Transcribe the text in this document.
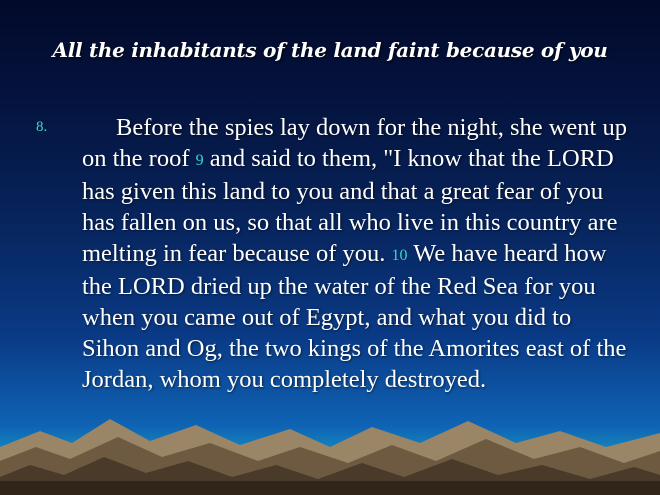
All the inhabitants of the land faint because of you
8.	Before the spies lay down for the night, she went up on the roof 9 and said to them, "I know that the LORD has given this land to you and that a great fear of you has fallen on us, so that all who live in this country are melting in fear because of you. 10 We have heard how the LORD dried up the water of the Red Sea for you when you came out of Egypt, and what you did to Sihon and Og, the two kings of the Amorites east of the Jordan, whom you completely destroyed.
